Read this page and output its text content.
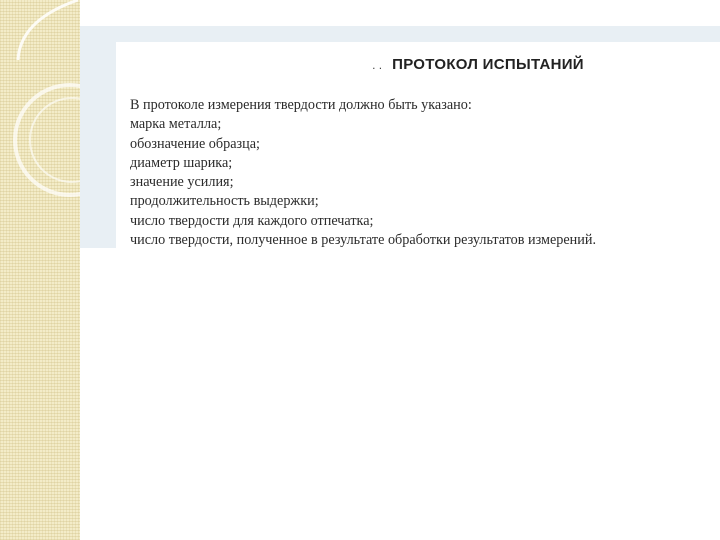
. . ПРОТОКОЛ ИСПЫТАНИЙ
В протоколе измерения твердости должно быть указано:
марка металла;
обозначение образца;
диаметр шарика;
значение усилия;
продолжительность выдержки;
число твердости для каждого отпечатка;
число твердости, полученное в результате обработки результатов измерений.
